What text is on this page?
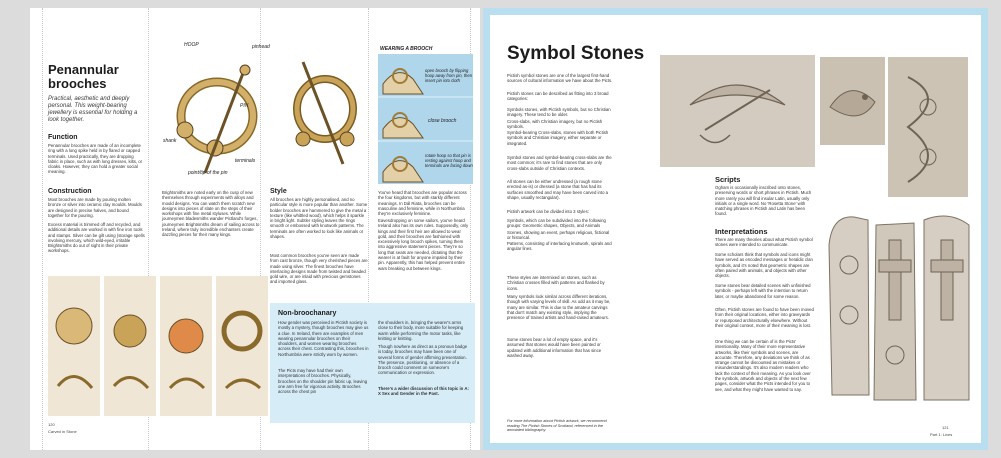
Penannular
brooches
Practical, aesthetic and deeply personal. This weight-bearing jewellery is essential for holding a look together.
Function
Penannular brooches are made of an incomplete ring with a long spike held in by flared or capped terminals. Used practically, they are dropping fabric in place, such as with long dresses, kilts, or cloaks. However, they can hold a greater social meaning.
Construction
Most brooches are made by pouring molten bronze or silver into ceramic clay moulds. Moulds are designed in precise halves, and bound together for the pouring.
Excess material is trimmed off and recycled, and additional details are worked in with fine iron tools and stamps. Silver can be gilt using (storage spells involving mercury, which wild-eyed, irritable Brightsmiths do out of sight in their private workshops.
HOOP	pinhead
PIN
shank
terminals
point/tip of the pin
Brightsmiths are noted early on the cusp of new themselves through experiments with alloys and mould designs. You can watch them scratch new designs into pieces of slate on the steps of their workshops with fine metal styluses. While journeymen bladesmiths wander Pictland's forges, journeymen Brightsmiths dream of sailing across to Ireland, where truly incredible enchanters create dazzling pieces for their many kings.
Style
All brooches are highly personalised, and no particular style is more popular than another. Some bolder brooches are hammered to give the metal a texture (like whittled wood), which helps it sparkle in bright light. Subtler styling leaves the rings smooth or embossed with knotwork patterns. The terminals are often worked to look like animals or shapes.
Most common brooches you've seen are made from cast bronze, though very cherished pieces are made using silver. The finest brooches have interlacing designs made from twisted and beaded gold wire, or are inlaid with precious gemstones and imported glass.
WEARING A BROOCH
open brooch by flipping hoop away from pin, then insert pin into cloth
close brooch
rotate hoop so that pin is resting against hoop and terminals are facing down
You've heard that brooches are popular across the four kingdoms, but with starkly different meanings. In Dál Riata, brooches can be masculine and feminine, while in Northumbria they're exclusively feminine.
Eavesdropping on some sailors, you've heard Ireland also has its own rules. Supposedly, only kings and their first heir are allowed to wear gold, and their brooches are fashioned with excessively long brooch spikes, turning them into aggressive statement pieces. They're so long that seats are needed, dictating that the wearer is at fault for anyone impaled by their pin. Apparently, this has helped prevent entire wars breaking out between kings.
Non-broochanary
How gender was perceived in Pictish society is mostly a mystery, though brooches may give us a clue. In Ireland, there are examples of men wearing penannular brooches on their shoulders, and women wearing brooches across their chest. Contrasting this, brooches in Northumbria were strictly worn by women.
The Picts may have had their own interpretations of brooches. Physically, brooches on the shoulder pin fabric up, leaving one arm free for vigorous activity. Brooches across the chest pin
the shoulders in, bringing the wearer's arms close to their body, more suitable for keeping warm while performing the motor tasks, like knitting or knitting.
Though nowhere as direct as a pronoun badge is today, brooches may have been one of several forms of gender affirming presentation. The presence, positioning, or absence of a brooch could comment on someone's communication or expression.
There's a wider discussion of this topic in A: X Sex and Gender in the Past.
120
Carved in Stone
Symbol Stones
Pictish symbol stones are one of the largest first-hand sources of cultural information we have about the Picts.
Pictish stones can be described as fitting into 3 broad categories:
Symbols stones, with Pictish symbols, but no Christian imagery. These tend to be older.
Cross-slabs, with Christian imagery, but no Pictish symbols.
Symbol-bearing Cross-slabs, stones with both Pictish symbols and Christian imagery, either separate or integrated.
Symbol stones and symbol-bearing cross-slabs are the most common; it's rare to find stones that are only cross-slabs outside of Christian contexts.
All stones can be either undressed (a rough stone erected as-is) or dressed (a stone that has had its surfaces smoothed and may have been carved into a shape, usually rectangular).
Pictish artwork can be divided into 3 styles:
Symbols, which can be subdivided into the following groups: Geometric shapes, Objects, and Animals
Scenes, showing an event, perhaps religious, fictional or historical.
Patterns, consisting of interlacing knotwork, spirals and angular lines.
These styles are intermixed on stones, such as Christian crosses filled with patterns and flanked by icons.
Many symbols look similar across different iterations, though with varying levels of skill. As odd as it may be, many are similar. This is due to the amateur carvings that don't match any existing style, implying the presence of trained artists and hand-raised amateurs.
Some stones bear a lot of empty space, and it's assumed that stones would have been painted or updated with additional information that has since washed away.
For more information about Pictish artwork, we recommend reading The Pictish Stones of Scotland, referenced in the annotated bibliography.
Scripts
Ogham is occasionally inscribed onto stones, preserving words or short phrases in Pictish. Much more rarely you will find insular Latin, usually only initials or a single word. No 'Rosetta Stone' with matching phrases in Pictish and Latin has been found.
Interpretations
There are many theories about what Pictish symbol stones were intended to communicate.
Some scholars think that symbols and icons might have served as encoded messages or heraldic clan symbols, and it's noted that geometric shapes are often paired with animals, and objects with other objects.
Some stones bear detailed scenes with unfinished symbols - perhaps left with the intention to return later, or maybe abandoned for some reason.
Often, Pictish stones are found to have been moved from their original locations, either into graveyards or repurposed architecturally elsewhere. Without their original context, more of their meaning is lost.
One thing we can be certain of is the Picts' intentionality. Many of their more representative artworks, like their symbols and scenes, are accurate. Therefore, any deviations we think of as strange cannot be discounted as mistakes or misunderstandings. It's also modern readers who lack the context of their meaning. As you look over the symbols, artwork and objects of the next few pages, consider what the Picts intended for you to see, and what they might have wanted to say.
121
Part 1: Lives
